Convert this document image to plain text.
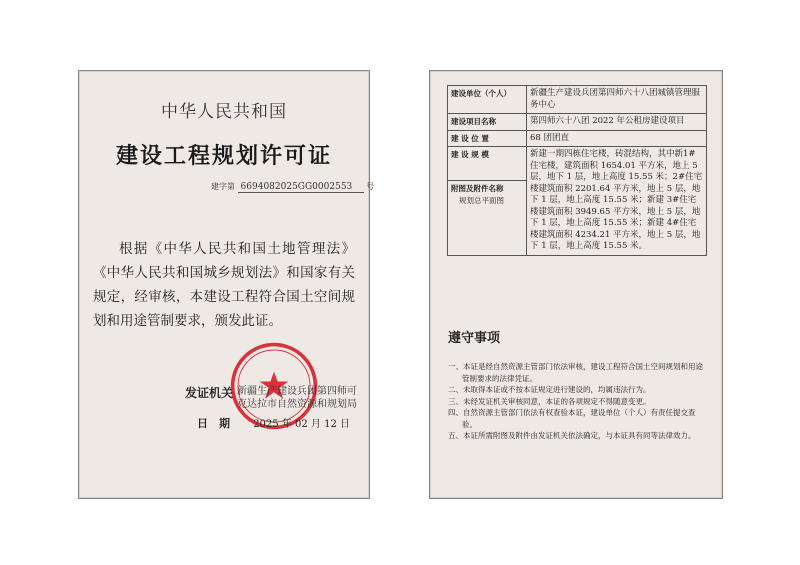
中华人民共和国
建设工程规划许可证
建字第 6694082025GG0002553 号
根据《中华人民共和国土地管理法》《中华人民共和国城乡规划法》和国家有关规定，经审核，本建设工程符合国土空间规划和用途管制要求，颁发此证。
发证机关 新疆生产建设兵团第四师可克达拉市自然资源和规划局
日　期 2025 年 02 月 12 日
建设单位（个人）	新疆生产建设兵团第四师六十八团城镇管理服务中心
建设项目名称	第四师六十八团 2022 年公租房建设项目
建 设 位 置	68 团团直
建 设 规 模	新建一期四栋住宅楼，砖混结构，其中新1#住宅楼，建筑面积 1654.01 平方米，地上 5 层，地下 1 层，地上高度 15.55 米；2#住宅楼建筑面积 2201.64 平方米，地上 5 层，地下 1 层，地上高度 15.55 米；新建 3#住宅楼建筑面积 3949.65 平方米，地上 5 层，地下 1 层，地上高度 15.55 米；新建 4#住宅楼建筑面积 4234.21 平方米，地上 5 层，地下 1 层，地上高度 15.55 米。
附图及附件名称
规划总平面图	
遵守事项
一、本证是经自然资源主管部门依法审核，建设工程符合国土空间规划和用途管制要求的法律凭证。
二、未取得本证或不按本证规定进行建设的，均属违法行为。
三、未经发证机关审核同意，本证的各项规定不得随意变更。
四、自然资源主管部门依法有权查验本证，建设单位（个人）有责任提交查验。
五、本证所需附图及附件由发证机关依法确定，与本证具有同等法律效力。
